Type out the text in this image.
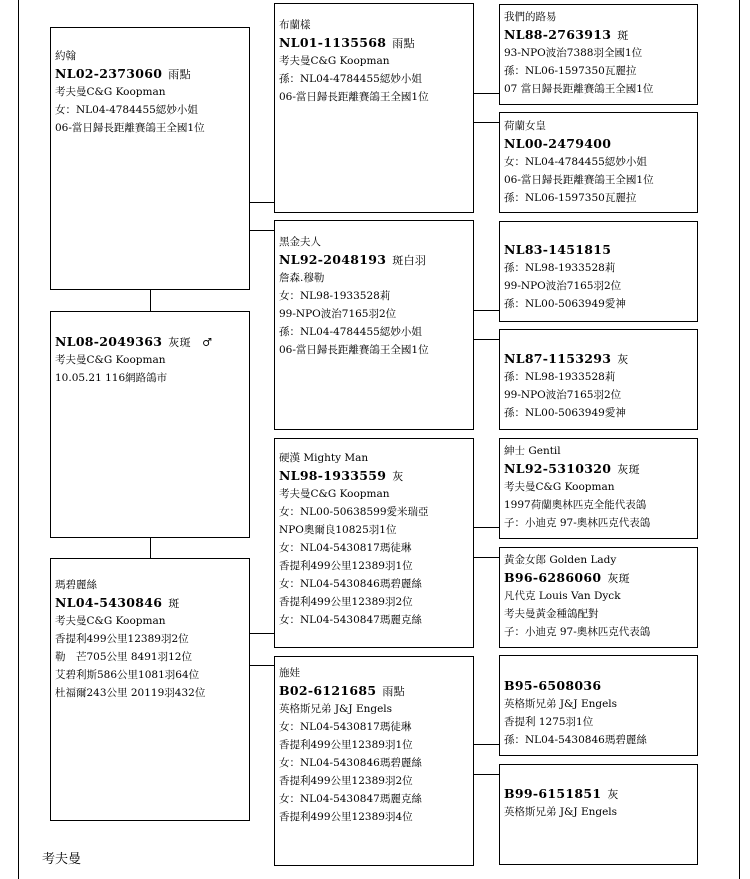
約翰
NL02-2373060 雨點
考夫曼C&G Koopman
女：NL04-4784455綛妙小姐
06-當日歸長距離賽鴿王全國1位
NL08-2049363 灰斑　♂
考夫曼C&G Koopman
10.05.21 116網路鴿市
瑪碧麗絲
NL04-5430846 斑
考夫曼C&G Koopman
香提利499公里12389羽2位
勒　芒705公里 8491羽12位
艾碧利斯586公里1081羽64位
杜福爾243公里 20119羽432位
布蘭樣
NL01-1135568 雨點
考夫曼C&G Koopman
孫：NL04-4784455綛妙小姐
06-當日歸長距離賽鴿王全國1位
黑金夫人
NL92-2048193 斑白羽
詹森.穆勒
女：NL98-1933528莉
99-NPO波治7165羽2位
孫：NL04-4784455綛妙小姐
06-當日歸長距離賽鴿王全國1位
硬漢 Mighty Man
NL98-1933559 灰
考夫曼C&G Koopman
女：NL00-50638599愛米瑞亞
NPO奧爾良10825羽1位
女：NL04-5430817瑪徒琳
香提利499公里12389羽1位
女：NL04-5430846瑪碧麗絲
香提利499公里12389羽2位
女：NL04-5430847瑪麗克絲
施娃
B02-6121685 雨點
英格斯兄弟 J&J Engels
女：NL04-5430817瑪徒琳
香提利499公里12389羽1位
女：NL04-5430846瑪碧麗絲
香提利499公里12389羽2位
女：NL04-5430847瑪麗克絲
香提利499公里12389羽4位
我們的路易
NL88-2763913 斑
93-NPO波治7388羽全國1位
孫：NL06-1597350瓦麗拉
07 當日歸長距離賽鴿王全國1位
荷蘭女皇
NL00-2479400
女：NL04-4784455綛妙小姐
06-當日歸長距離賽鴿王全國1位
孫：NL06-1597350瓦麗拉
NL83-1451815
孫：NL98-1933528莉
99-NPO波治7165羽2位
孫：NL00-5063949愛神
NL87-1153293 灰
孫：NL98-1933528莉
99-NPO波治7165羽2位
孫：NL00-5063949愛神
紳士 Gentil
NL92-5310320 灰斑
考夫曼C&G Koopman
1997荷蘭奧林匹克全能代表鴿
子：小迪克 97-奧林匹克代表鴿
黃金女郎 Golden Lady
B96-6286060 灰斑
凡代克 Louis Van Dyck
考夫曼黃金種鴿配對
子：小迪克 97-奧林匹克代表鴿
B95-6508036
英格斯兄弟 J&J Engels
香提利 1275羽1位
孫：NL04-5430846瑪碧麗絲
B99-6151851 灰
英格斯兄弟 J&J Engels
考夫曼
